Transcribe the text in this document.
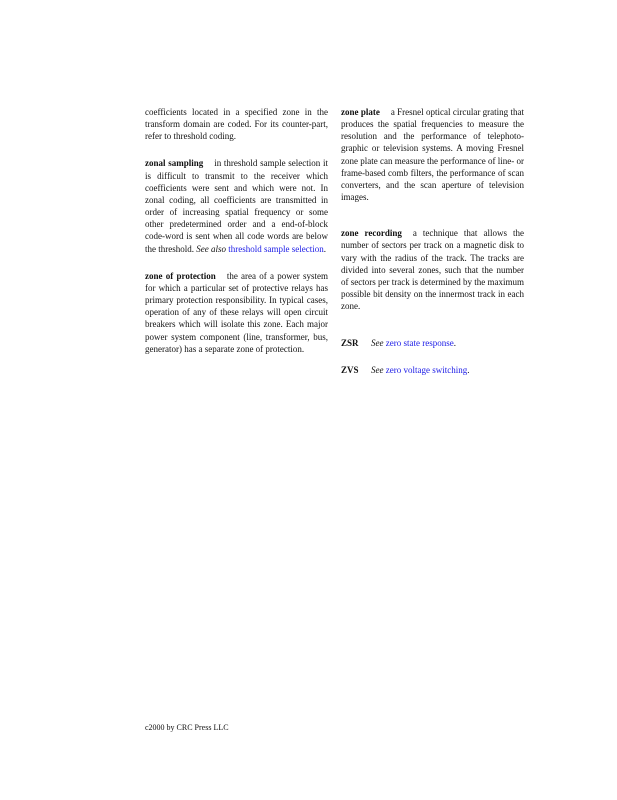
coefficients located in a specified zone in the transform domain are coded. For its counter-part, refer to threshold coding.

zonal sampling in threshold sample selection it is difficult to transmit to the receiver which coefficients were sent and which were not. In zonal coding, all coefficients are transmitted in order of increasing spatial frequency or some other predetermined order and a end-of-block code-word is sent when all code words are below the threshold. See also threshold sample selection.

zone of protection the area of a power system for which a particular set of protective relays has primary protection responsibility. In typical cases, operation of any of these relays will open circuit breakers which will isolate this zone. Each major power system component (line, transformer, bus, generator) has a separate zone of protection.

zone plate a Fresnel optical circular grating that produces the spatial frequencies to measure the resolution and the performance of telephoto- graphic or television systems. A moving Fresnel zone plate can measure the performance of line- or frame-based comb filters, the performance of scan converters, and the scan aperture of television images.

zone recording a technique that allows the number of sectors per track on a magnetic disk to vary with the radius of the track. The tracks are divided into several zones, such that the number of sectors per track is determined by the maximum possible bit density on the innermost track in each zone.

ZSR See zero state response.

ZVS See zero voltage switching.

c2000 by CRC Press LLC
